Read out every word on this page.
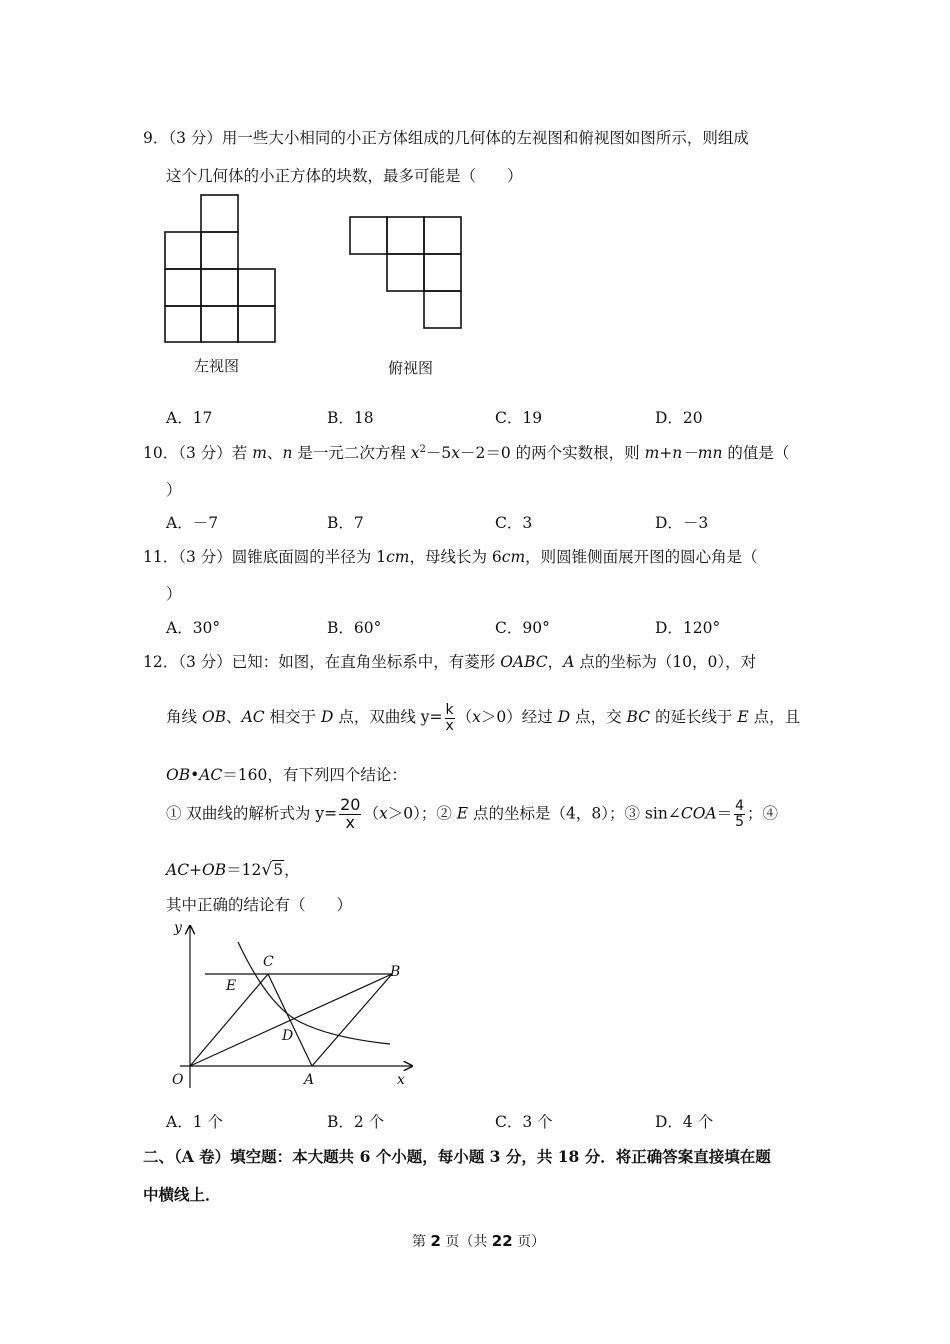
9．（3 分）用一些大小相同的小正方体组成的几何体的左视图和俯视图如图所示，则组成
这个几何体的小正方体的块数，最多可能是（　　）
左视图	俯视图
A．17	B．18	C．19	D．20
10．（3 分）若 m、n 是一元二次方程 $x^2-5x-2=0$ 的两个实数根，则 m+n－mn 的值是（
）
A．－7	B．7	C．3	D．－3
11．（3 分）圆锥底面圆的半径为 1cm，母线长为 6cm，则圆锥侧面展开图的圆心角是（
）
A．30°	B．60°	C．90°	D．120°
12．（3 分）已知：如图，在直角坐标系中，有菱形 OABC，A 点的坐标为（10，0），对
角线 OB、AC 相交于 D 点，双曲线 $y= \frac{k}{x} (x>0)$经过 D 点，交 BC 的延长线于 E 点，且
OB•AC＝160，有下列四个结论：
① 双曲线的解析式为 $y= \frac{20}{x} (x>0)$；② E 点的坐标是（4，8）；③ sin∠COA＝ $\frac{4}{5}$ ；④
AC+OB＝12√5，
其中正确的结论有（　　）
y
x
O	A
B
C
D
E
A．1 个	B．2 个	C．3 个	D．4 个
二、（A 卷）填空题：本大题共 6 个小题，每小题 3 分，共 18 分．将正确答案直接填在题
中横线上．
第 2 页（共 22 页）
